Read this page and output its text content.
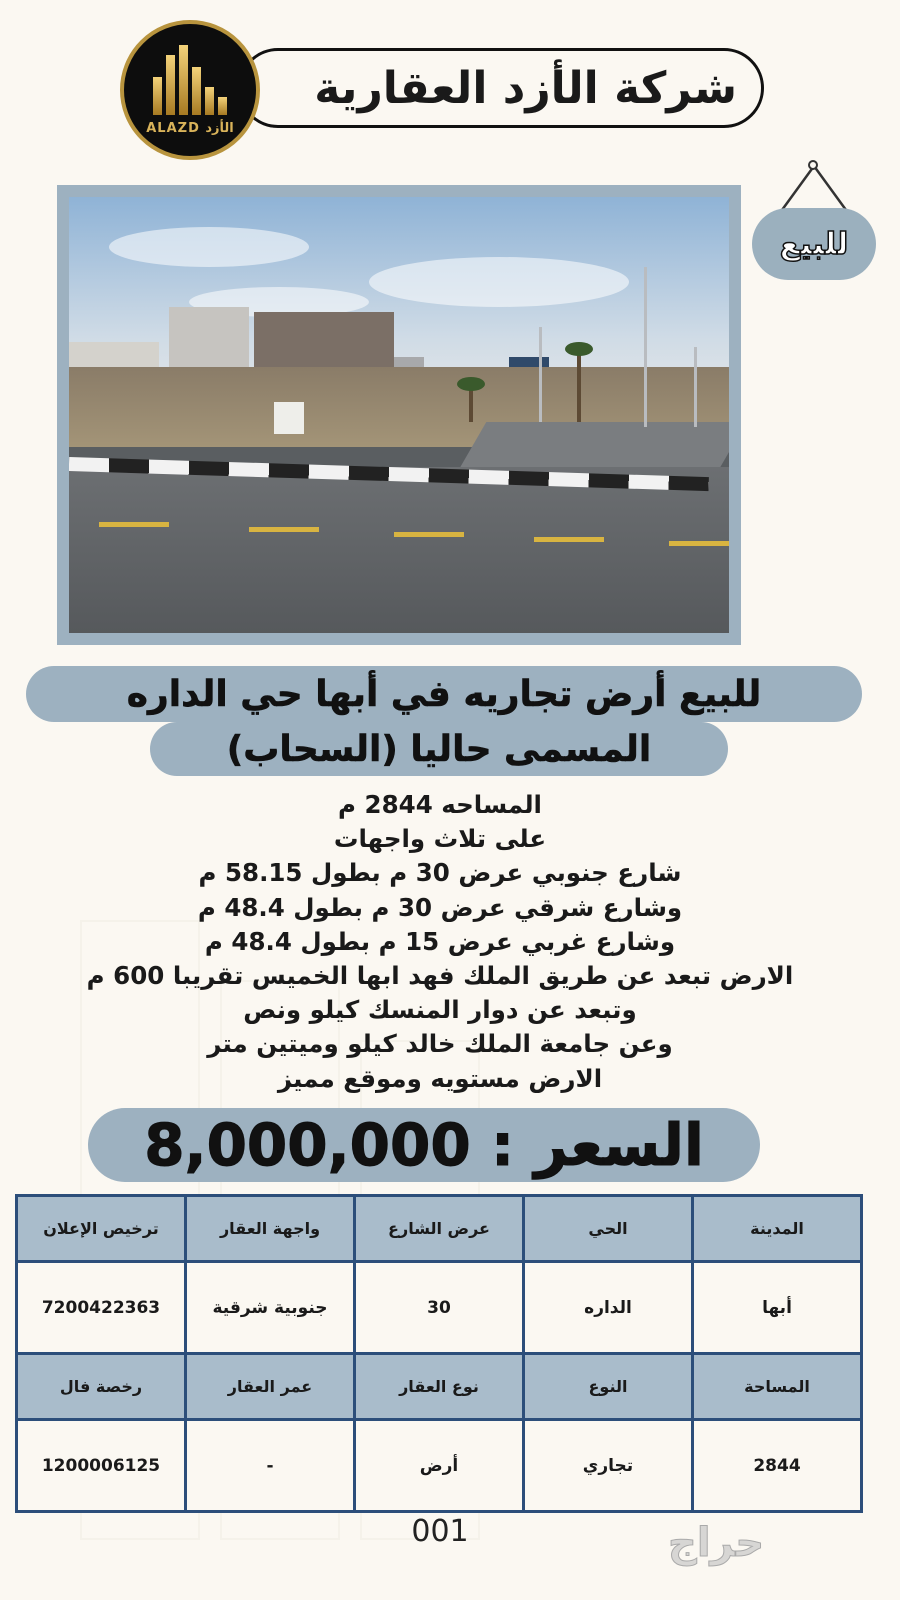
شركة الأزد العقارية
ALAZD الأزد
للبيع
للبيع أرض تجاريه في أبها حي الداره
المسمى حاليا (السحاب)
المساحه 2844 م
على تلاث واجهات
شارع جنوبي عرض 30 م بطول 58.15 م
وشارع شرقي عرض 30 م بطول 48.4 م
وشارع غربي عرض 15 م بطول 48.4 م
الارض تبعد عن طريق الملك فهد ابها الخميس تقريبا 600 م
وتبعد عن دوار المنسك كيلو ونص
وعن جامعة الملك خالد كيلو وميتين متر
الارض مستويه وموقع مميز
السعر : 8,000,000
المدينة	الحي	عرض الشارع	واجهة العقار	ترخيص الإعلان
أبها	الداره	30	جنوبية شرقية	7200422363
المساحة	النوع	نوع العقار	عمر العقار	رخصة فال
2844	تجاري	أرض	-	1200006125
001	حراج
